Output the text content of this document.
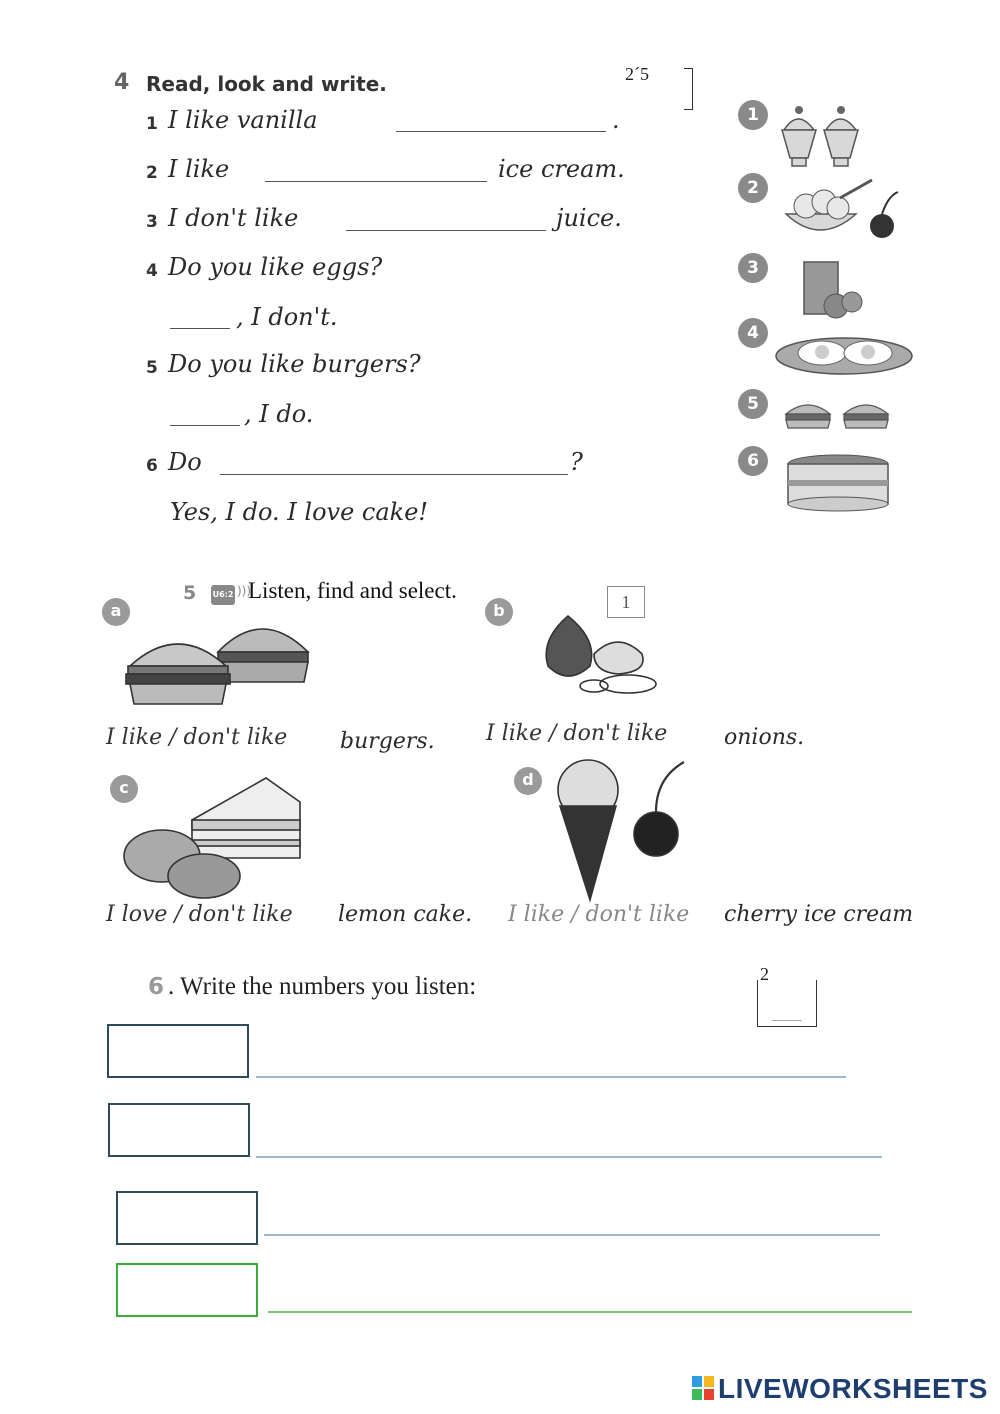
4 Read, look and write.	2´5
1 I like vanilla	.
2 I like	ice cream.
3 I don't like	juice.
4 Do you like eggs?
, I don't.
5 Do you like burgers?
, I do.
6 Do	?
Yes, I do. I love cake!
1
2
3
4
5
6
5 U6:2 )))
Listen, find and select.	1
a
I like / don't like burgers.
b
I like / don't like	onions.
c
I love / don't like lemon cake.
d
I like / don't like cherry ice cream
6 . Write the numbers you listen:	2
LIVEWORKSHEETS
